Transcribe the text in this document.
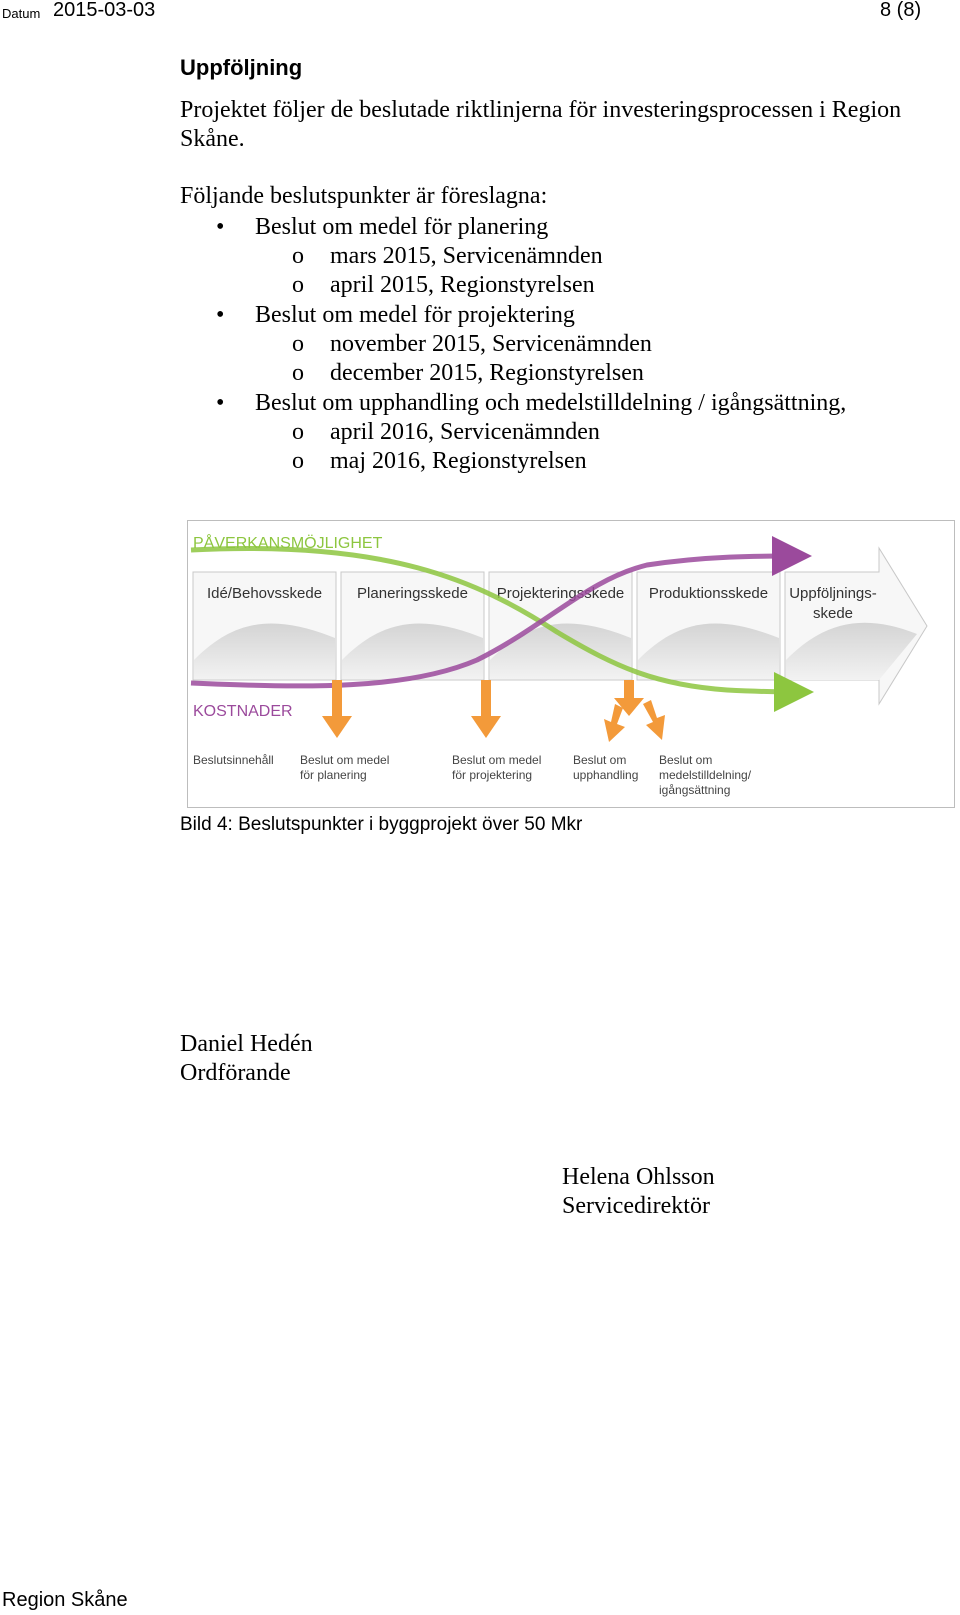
Datum 2015-03-03	8 (8)
Uppföljning
Projektet följer de beslutade riktlinjerna för investeringsprocessen i Region
Skåne.
Följande beslutspunkter är föreslagna:
• Beslut om medel för planering
o mars 2015, Servicenämnden
o april 2015, Regionstyrelsen
• Beslut om medel för projektering
o november 2015, Servicenämnden
o december 2015, Regionstyrelsen
• Beslut om upphandling och medelstilldelning / igångsättning,
o april 2016, Servicenämnden
o maj 2016, Regionstyrelsen
PÅVERKANSMÖJLIGHET
Idé/Behovsskede Planeringsskede Projekteringsskede Produktionsskede Uppföljnings-
skede
KOSTNADER
Beslutsinnehåll Beslut om medel
för planering
Beslut om medel
för projektering
Beslut om
upphandling
Beslut om
medelstilldelning/
igångsättning
Bild 4: Beslutspunkter i byggprojekt över 50 Mkr
Daniel Hedén
Ordförande
Helena Ohlsson
Servicedirektör
Region Skåne
